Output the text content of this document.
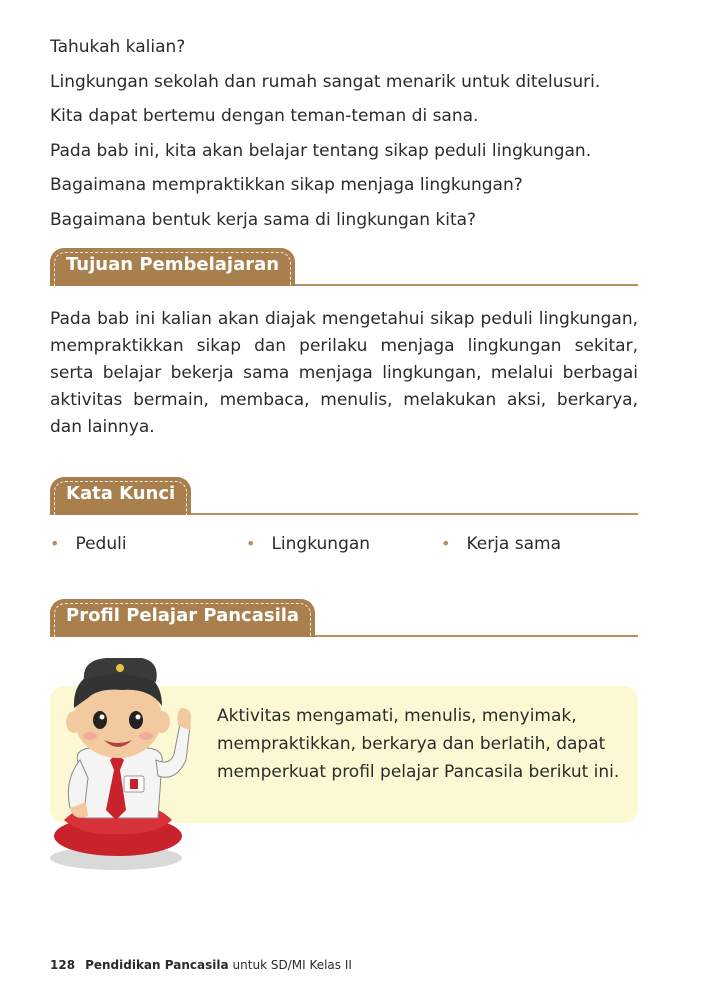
Tahukah kalian?

Lingkungan sekolah dan rumah sangat menarik untuk ditelusuri.

Kita dapat bertemu dengan teman-teman di sana.

Pada bab ini, kita akan belajar tentang sikap peduli lingkungan.

Bagaimana mempraktikkan sikap menjaga lingkungan?

Bagaimana bentuk kerja sama di lingkungan kita?

Tujuan Pembelajaran

Pada bab ini kalian akan diajak mengetahui sikap peduli lingkungan, mempraktikkan sikap dan perilaku menjaga lingkungan sekitar, serta belajar bekerja sama menjaga lingkungan, melalui berbagai aktivitas bermain, membaca, menulis, melakukan aksi, berkarya, dan lainnya.

Kata Kunci
• Peduli	• Lingkungan	• Kerja sama
Profil Pelajar Pancasila

Aktivitas mengamati, menulis, menyimak, mempraktikkan, berkarya dan berlatih, dapat memperkuat profil pelajar Pancasila berikut ini.

128 Pendidikan Pancasila untuk SD/MI Kelas II
